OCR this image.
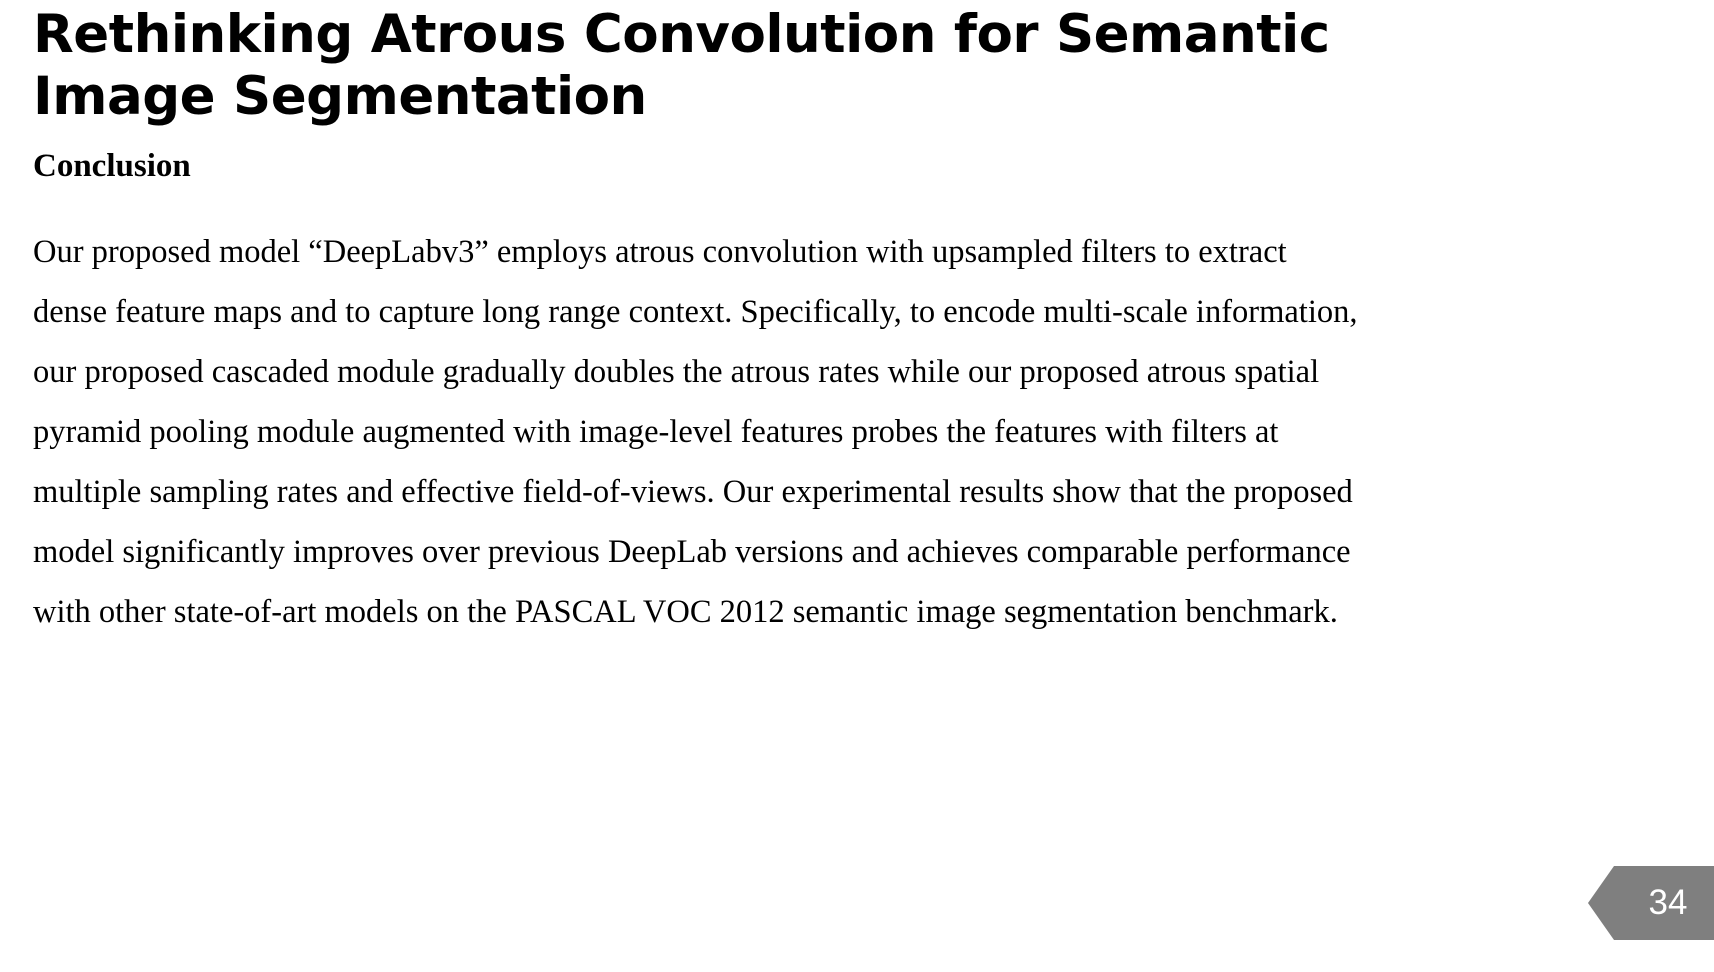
Rethinking Atrous Convolution for Semantic Image Segmentation
Conclusion
Our proposed model “DeepLabv3” employs atrous convolution with upsampled filters to extract
dense feature maps and to capture long range context. Specifically, to encode multi-scale information,
our proposed cascaded module gradually doubles the atrous rates while our proposed atrous spatial
pyramid pooling module augmented with image-level features probes the features with filters at
multiple sampling rates and effective field-of-views. Our experimental results show that the proposed
model significantly improves over previous DeepLab versions and achieves comparable performance
with other state-of-art models on the PASCAL VOC 2012 semantic image segmentation benchmark.
34
